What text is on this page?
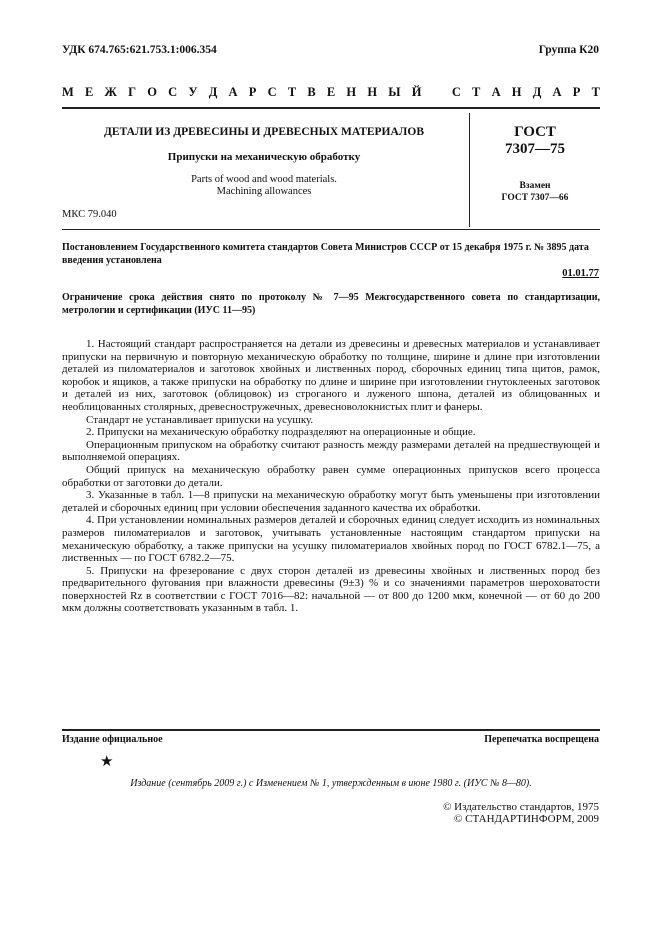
УДК 674.765:621.753.1:006.354	Группа К20
М Е Ж Г О С У Д А Р С Т В Е Н Н Ы Й С Т А Н Д А Р Т
ДЕТАЛИ ИЗ ДРЕВЕСИНЫ И ДРЕВЕСНЫХ МАТЕРИАЛОВ
Припуски на механическую обработку
Parts of wood and wood materials.
Machining allowances
ГОСТ
7307—75
Взамен
ГОСТ 7307—66
МКС 79.040
Постановлением Государственного комитета стандартов Совета Министров СССР от 15 декабря 1975 г. № 3895 дата введения установлена
01.01.77
Ограничение срока действия снято по протоколу № 7—95 Межгосударственного совета по стандартизации, метрологии и сертификации (ИУС 11—95)

1. Настоящий стандарт распространяется на детали из древесины и древесных материалов и устанавливает припуски на первичную и повторную механическую обработку по толщине, ширине и длине при изготовлении деталей из пиломатериалов и заготовок хвойных и лиственных пород, сборочных единиц типа щитов, рамок, коробок и ящиков, а также припуски на обработку по длине и ширине при изготовлении гнутоклееных заготовок и деталей из них, заготовок (облицовок) из строганого и луженого шпона, деталей из облицованных и необлицованных столярных, древесностружечных, древесноволокнистых плит и фанеры.

Стандарт не устанавливает припуски на усушку.

2. Припуски на механическую обработку подразделяют на операционные и общие.

Операционным припуском на обработку считают разность между размерами деталей на предшествующей и выполняемой операциях.

Общий припуск на механическую обработку равен сумме операционных припусков всего процесса обработки от заготовки до детали.

3. Указанные в табл. 1—8 припуски на механическую обработку могут быть уменьшены при изготовлении деталей и сборочных единиц при условии обеспечения заданного качества их обработки.

4. При установлении номинальных размеров деталей и сборочных единиц следует исходить из номинальных размеров пиломатериалов и заготовок, учитывать установленные настоящим стандартом припуски на механическую обработку, а также припуски на усушку пиломатериалов хвойных пород по ГОСТ 6782.1—75, а лиственных — по ГОСТ 6782.2—75.

5. Припуски на фрезерование с двух сторон деталей из древесины хвойных и лиственных пород без предварительного фугования при влажности древесины (9±3) % и со значениями параметров шероховатости поверхностей Rz в соответствии с ГОСТ 7016—82: начальной — от 800 до 1200 мкм, конечной — от 60 до 200 мкм должны соответствовать указанным в табл. 1.

Издание официальное	Перепечатка воспрещена
★
Издание (сентябрь 2009 г.) с Изменением № 1, утвержденным в июне 1980 г. (ИУС № 8—80).
© Издательство стандартов, 1975
© СТАНДАРТИНФОРМ, 2009
